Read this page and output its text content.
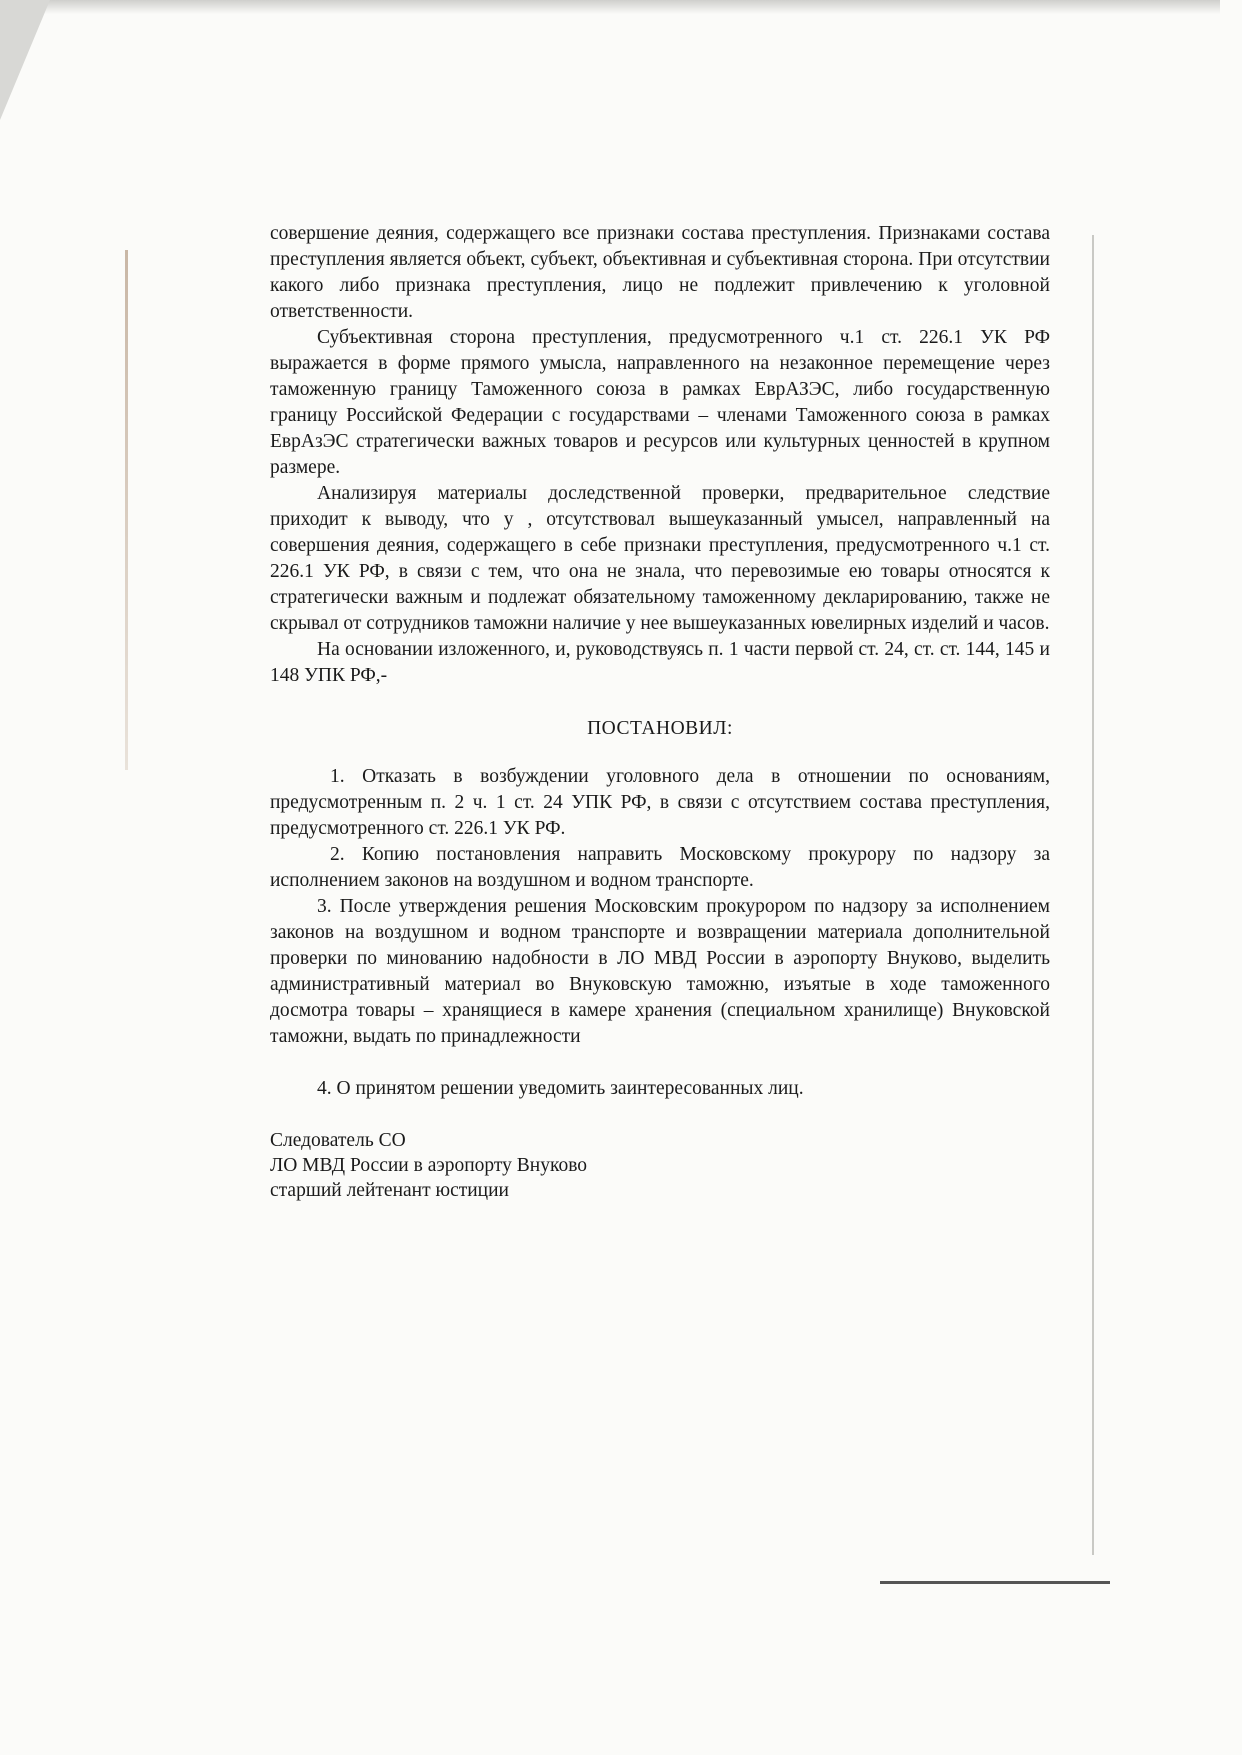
совершение деяния, содержащего все признаки состава преступления. Признаками состава преступления является объект, субъект, объективная и субъективная сторона. При отсутствии какого либо признака преступления, лицо не подлежит привлечению к уголовной ответственности.

Субъективная сторона преступления, предусмотренного ч.1 ст. 226.1 УК РФ выражается в форме прямого умысла, направленного на незаконное перемещение через таможенную границу Таможенного союза в рамках ЕврАЗЭС, либо государственную границу Российской Федерации с государствами – членами Таможенного союза в рамках ЕврАзЭС стратегически важных товаров и ресурсов или культурных ценностей в крупном размере.

Анализируя материалы доследственной проверки, предварительное следствие приходит к выводу, что у , отсутствовал вышеуказанный умысел, направленный на совершения деяния, содержащего в себе признаки преступления, предусмотренного ч.1 ст. 226.1 УК РФ, в связи с тем, что она не знала, что перевозимые ею товары относятся к стратегически важным и подлежат обязательному таможенному декларированию, также не скрывал от сотрудников таможни наличие у нее вышеуказанных ювелирных изделий и часов.

На основании изложенного, и, руководствуясь п. 1 части первой ст. 24, ст. ст. 144, 145 и 148 УПК РФ,-

ПОСТАНОВИЛ:

1. Отказать в возбуждении уголовного дела в отношении по основаниям, предусмотренным п. 2 ч. 1 ст. 24 УПК РФ, в связи с отсутствием состава преступления, предусмотренного ст. 226.1 УК РФ.

2. Копию постановления направить Московскому прокурору по надзору за исполнением законов на воздушном и водном транспорте.

3. После утверждения решения Московским прокурором по надзору за исполнением законов на воздушном и водном транспорте и возвращении материала дополнительной проверки по минованию надобности в ЛО МВД России в аэропорту Внуково, выделить административный материал во Внуковскую таможню, изъятые в ходе таможенного досмотра товары – хранящиеся в камере хранения (специальном хранилище) Внуковской таможни, выдать по принадлежности

4. О принятом решении уведомить заинтересованных лиц.

Следователь СО
ЛО МВД России в аэропорту Внуково
старший лейтенант юстиции
